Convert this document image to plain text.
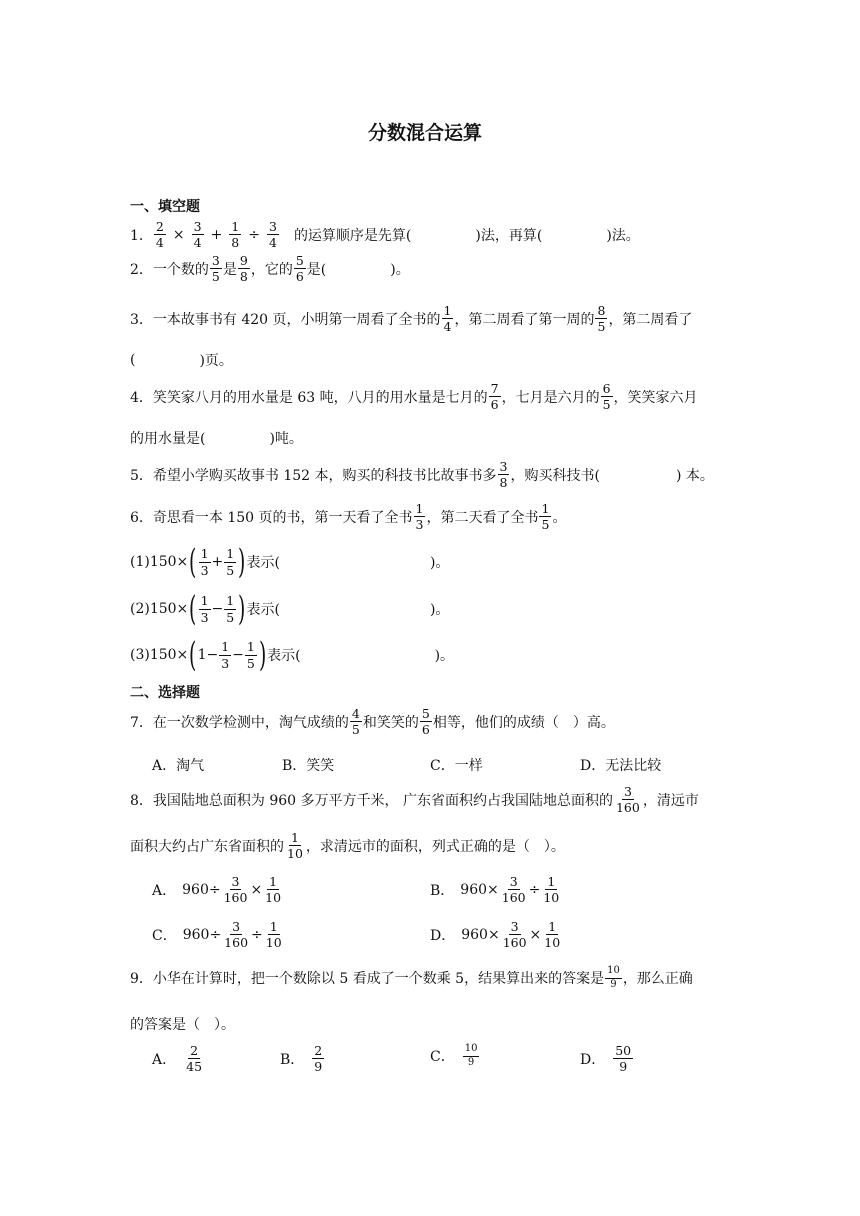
分数混合运算
一、填空题
1． $\frac{2}{4} \times \frac{3}{4} + \frac{1}{8} \div \frac{3}{4}$ 的运算顺序是先算(	)法，再算(	)法。
2．一个数的 $\frac{3}{5}$ 是 $\frac{9}{8}$ ，它的 $\frac{5}{6}$ 是(	)。
3．一本故事书有 420 页，小明第一周看了全书的 $\frac{1}{4}$ ，第二周看了第一周的 $\frac{8}{5}$ ，第二周看了
(	)页。
4．笑笑家八月的用水量是 63 吨，八月的用水量是七月的 $\frac{7}{6}$ ，七月是六月的 $\frac{6}{5}$ ，笑笑家六月
的用水量是(	)吨。
5．希望小学购买故事书 152 本，购买的科技书比故事书多 $\frac{3}{8}$ ，购买科技书(	) 本。
6．奇思看一本 150 页的书，第一天看了全书 $\frac{1}{3}$ ，第二天看了全书 $\frac{1}{5}$ 。
(1)150× ( $\frac{1}{3} + \frac{1}{5}$ ) 表示(	)。
(2)150× ( $\frac{1}{3} - \frac{1}{5}$ ) 表示(	)。
(3)150× ( $1- \frac{1}{3} - \frac{1}{5}$ ) 表示(	)。
二、选择题
7．在一次数学检测中，淘气成绩的 $\frac{4}{5}$ 和笑笑的 $\frac{5}{6}$ 相等，他们的成绩（　）高。
A．淘气	B．笑笑	C．一样	D．无法比较
8．我国陆地总面积为 960 多万平方千米， 广东省面积约占我国陆地总面积的 $\frac{3}{160}$ ，清远市
面积大约占广东省面积的 $\frac{1}{10}$ ，求清远市的面积，列式正确的是（　）。
A． $960\div \frac{3}{160} \times \frac{1}{10}$	B． $960\times \frac{3}{160} \div \frac{1}{10}$
C． $960\div \frac{3}{160} \div \frac{1}{10}$	D． $960\times \frac{3}{160} \times \frac{1}{10}$
9．小华在计算时，把一个数除以 5 看成了一个数乘 5，结果算出来的答案是 $\frac{10}{9}$ ，那么正确
的答案是（　）。
A． $\frac{2}{45}$	B． $\frac{2}{9}$	C． $\frac{10}{9}$	D． $\frac{50}{9}$
